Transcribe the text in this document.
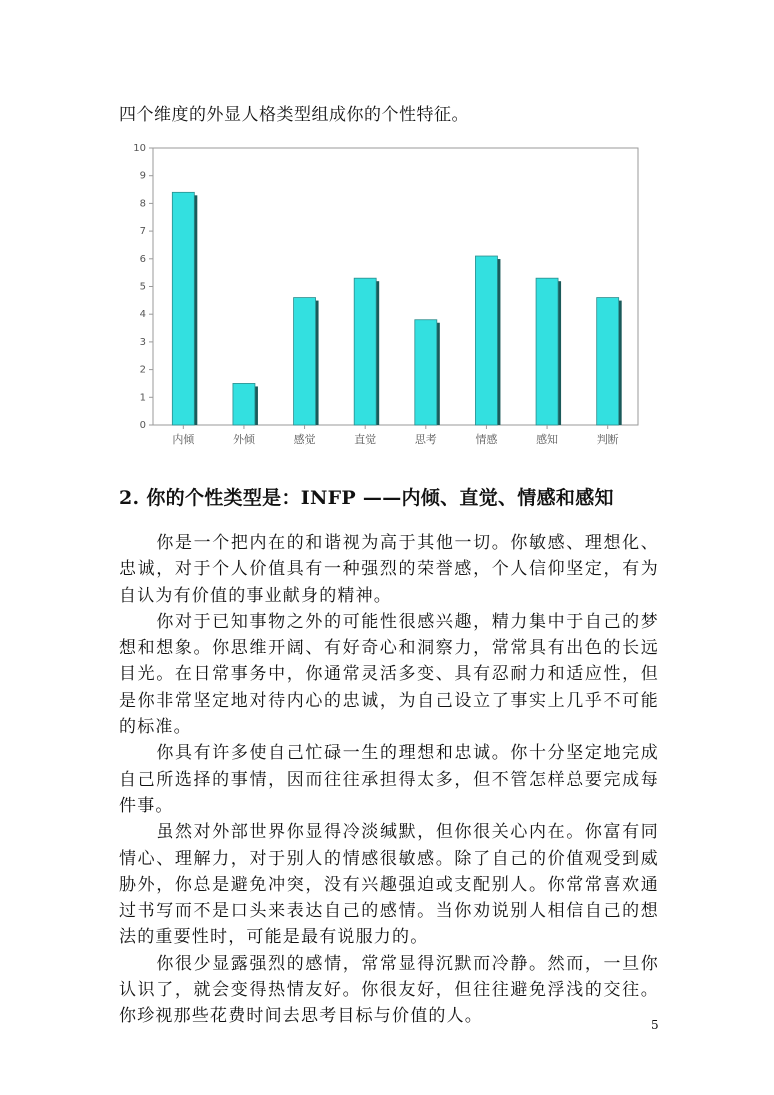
四个维度的外显人格类型组成你的个性特征。

0
1
2
3
4
5
6
7
8
9
10
内倾	外倾	感觉	直觉	思考	情感	感知	判断
2. 你的个性类型是：INFP ——内倾、直觉、情感和感知

你是一个把内在的和谐视为高于其他一切。你敏感、理想化、忠诚，对于个人价值具有一种强烈的荣誉感，个人信仰坚定，有为自认为有价值的事业献身的精神。

你对于已知事物之外的可能性很感兴趣，精力集中于自己的梦想和想象。你思维开阔、有好奇心和洞察力，常常具有出色的长远目光。在日常事务中，你通常灵活多变、具有忍耐力和适应性，但是你非常坚定地对待内心的忠诚，为自己设立了事实上几乎不可能的标准。

你具有许多使自己忙碌一生的理想和忠诚。你十分坚定地完成自己所选择的事情，因而往往承担得太多，但不管怎样总要完成每件事。

虽然对外部世界你显得冷淡缄默，但你很关心内在。你富有同情心、理解力，对于别人的情感很敏感。除了自己的价值观受到威胁外，你总是避免冲突，没有兴趣强迫或支配别人。你常常喜欢通过书写而不是口头来表达自己的感情。当你劝说别人相信自己的想法的重要性时，可能是最有说服力的。

你很少显露强烈的感情，常常显得沉默而冷静。然而，一旦你认识了，就会变得热情友好。你很友好，但往往避免浮浅的交往。你珍视那些花费时间去思考目标与价值的人。	5
